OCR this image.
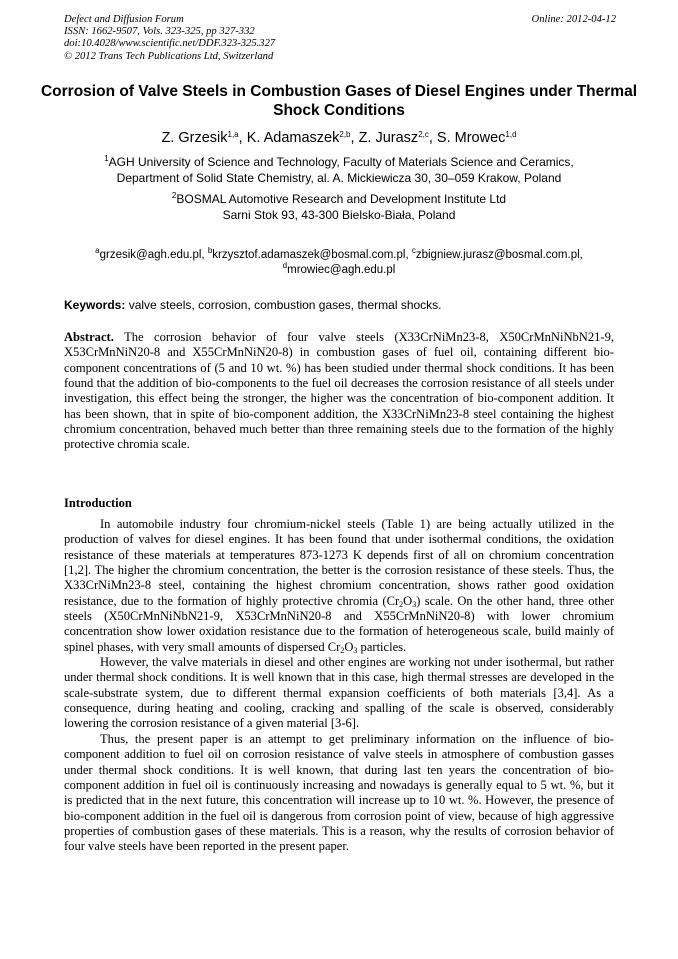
Defect and Diffusion Forum
ISSN: 1662-9507, Vols. 323-325, pp 327-332
doi:10.4028/www.scientific.net/DDF.323-325.327
© 2012 Trans Tech Publications Ltd, Switzerland
Online: 2012-04-12
Corrosion of Valve Steels in Combustion Gases of Diesel Engines under Thermal Shock Conditions
Z. Grzesik$^{1,a}$, K. Adamaszek$^{2,b}$, Z. Jurasz$^{2,c}$, S. Mrowec$^{1,d}$
$^1$AGH University of Science and Technology, Faculty of Materials Science and Ceramics,
Department of Solid State Chemistry, al. A. Mickiewicza 30, 30–059 Krakow, Poland
$^2$BOSMAL Automotive Research and Development Institute Ltd
Sarni Stok 93, 43-300 Bielsko-Biała, Poland
$^a$grzesik@agh.edu.pl, $^b$krzysztof.adamaszek@bosmal.com.pl, $^c$zbigniew.jurasz@bosmal.com.pl,
$^d$mrowiec@agh.edu.pl
Keywords: valve steels, corrosion, combustion gases, thermal shocks.

Abstract. The corrosion behavior of four valve steels (X33CrNiMn23-8, X50CrMnNiNbN21-9, X53CrMnNiN20-8 and X55CrMnNiN20-8) in combustion gases of fuel oil, containing different bio-component concentrations of (5 and 10 wt. %) has been studied under thermal shock conditions. It has been found that the addition of bio-components to the fuel oil decreases the corrosion resistance of all steels under investigation, this effect being the stronger, the higher was the concentration of bio-component addition. It has been shown, that in spite of bio-component addition, the X33CrNiMn23-8 steel containing the highest chromium concentration, behaved much better than three remaining steels due to the formation of the highly protective chromia scale.

Introduction

In automobile industry four chromium-nickel steels (Table 1) are being actually utilized in the production of valves for diesel engines. It has been found that under isothermal conditions, the oxidation resistance of these materials at temperatures 873-1273 K depends first of all on chromium concentration [1,2]. The higher the chromium concentration, the better is the corrosion resistance of these steels. Thus, the X33CrNiMn23-8 steel, containing the highest chromium concentration, shows rather good oxidation resistance, due to the formation of highly protective chromia $(Cr_2O_3)$ scale. On the other hand, three other steels (X50CrMnNiNbN21-9, X53CrMnNiN20-8 and X55CrMnNiN20-8) with lower chromium concentration show lower oxidation resistance due to the formation of heterogeneous scale, build mainly of spinel phases, with very small amounts of dispersed $Cr_2O_3$ particles.

However, the valve materials in diesel and other engines are working not under isothermal, but rather under thermal shock conditions. It is well known that in this case, high thermal stresses are developed in the scale-substrate system, due to different thermal expansion coefficients of both materials [3,4]. As a consequence, during heating and cooling, cracking and spalling of the scale is observed, considerably lowering the corrosion resistance of a given material [3-6].

Thus, the present paper is an attempt to get preliminary information on the influence of bio-component addition to fuel oil on corrosion resistance of valve steels in atmosphere of combustion gasses under thermal shock conditions. It is well known, that during last ten years the concentration of bio-component addition in fuel oil is continuously increasing and nowadays is generally equal to 5 wt. %, but it is predicted that in the next future, this concentration will increase up to 10 wt. %. However, the presence of bio-component addition in the fuel oil is dangerous from corrosion point of view, because of high aggressive properties of combustion gases of these materials. This is a reason, why the results of corrosion behavior of four valve steels have been reported in the present paper.
